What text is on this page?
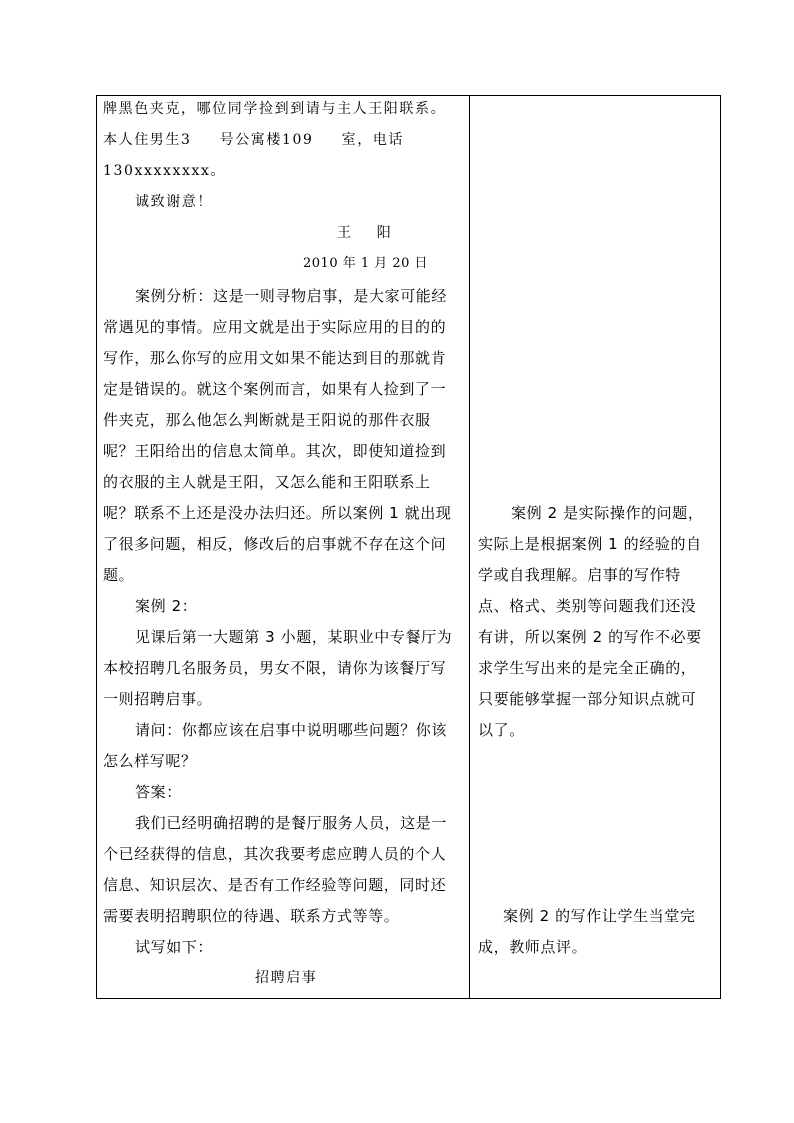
牌黑色夹克，哪位同学捡到到请与主人王阳联系。
本人住男生3  号公寓楼109  室，电话
130xxxxxxxx。
诚致谢意！
王    阳
2010 年 1 月 20 日
案例分析：这是一则寻物启事，是大家可能经
常遇见的事情。应用文就是出于实际应用的目的的
写作，那么你写的应用文如果不能达到目的那就肯
定是错误的。就这个案例而言，如果有人捡到了一
件夹克，那么他怎么判断就是王阳说的那件衣服
呢？王阳给出的信息太简单。其次，即使知道捡到
的衣服的主人就是王阳，又怎么能和王阳联系上
呢？联系不上还是没办法归还。所以案例 1 就出现
了很多问题，相反，修改后的启事就不存在这个问
题。
案例 2：
见课后第一大题第 3 小题，某职业中专餐厅为
本校招聘几名服务员，男女不限，请你为该餐厅写
一则招聘启事。
请问：你都应该在启事中说明哪些问题？你该
怎么样写呢？
答案：
我们已经明确招聘的是餐厅服务人员，这是一
个已经获得的信息，其次我要考虑应聘人员的个人
信息、知识层次、是否有工作经验等问题，同时还
需要表明招聘职位的待遇、联系方式等等。
试写如下：
招聘启事
案例 2 是实际操作的问题，
实际上是根据案例 1 的经验的自
学或自我理解。启事的写作特
点、格式、类别等问题我们还没
有讲，所以案例 2 的写作不必要
求学生写出来的是完全正确的，
只要能够掌握一部分知识点就可
以了。
案例 2 的写作让学生当堂完
成，教师点评。
